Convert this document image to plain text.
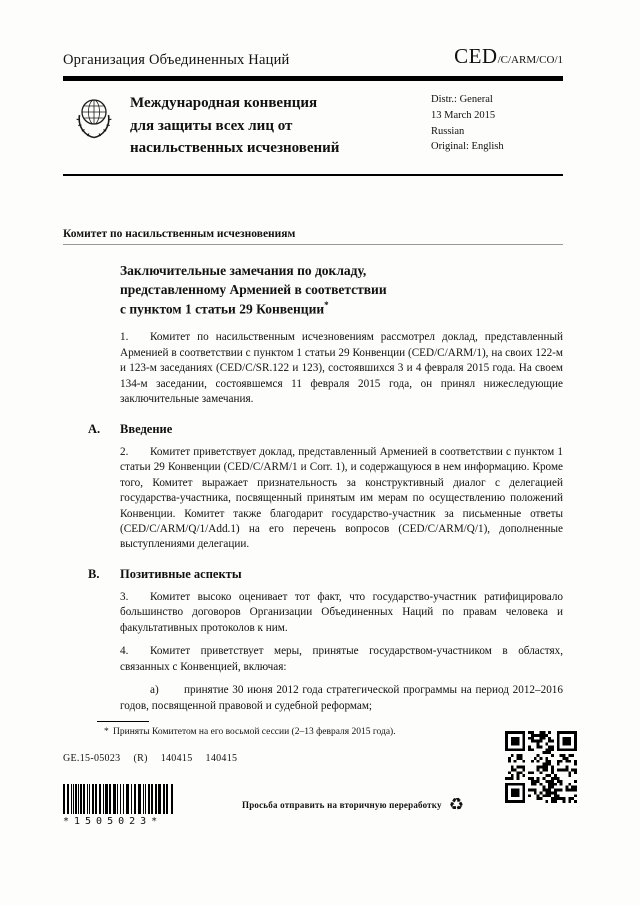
Организация Объединенных Наций	CED/C/ARM/CO/1
Международная конвенция
для защиты всех лиц от
насильственных исчезновений
Distr.: General
13 March 2015
Russian
Original: English
Комитет по насильственным исчезновениям
Заключительные замечания по докладу,
представленному Арменией в соответствии
с пунктом 1 статьи 29 Конвенции*

1. Комитет по насильственным исчезновениям рассмотрел доклад, представленный Арменией в соответствии с пунктом 1 статьи 29 Конвенции (CED/C/ARM/1), на своих 122-м и 123-м заседаниях (CED/C/SR.122 и 123), состоявшихся 3 и 4 февраля 2015 года. На своем 134-м заседании, состоявшемся 11 февраля 2015 года, он принял нижеследующие заключительные замечания.

A. Введение

2. Комитет приветствует доклад, представленный Арменией в соответствии с пунктом 1 статьи 29 Конвенции (CED/C/ARM/1 и Corr. 1), и содержащуюся в нем информацию. Кроме того, Комитет выражает признательность за конструктивный диалог с делегацией государства-участника, посвященный принятым им мерам по осуществлению положений Конвенции. Комитет также благодарит государство-участник за письменные ответы (CED/C/ARM/Q/1/Add.1) на его перечень вопросов (CED/C/ARM/Q/1), дополненные выступлениями делегации.

B. Позитивные аспекты

3. Комитет высоко оценивает тот факт, что государство-участник ратифицировало большинство договоров Организации Объединенных Наций по правам человека и факультативных протоколов к ним.

4. Комитет приветствует меры, принятые государством-участником в областях, связанных с Конвенцией, включая:

а) принятие 30 июня 2012 года стратегической программы на период 2012–2016 годов, посвященной правовой и судебной реформам;

* Приняты Комитетом на его восьмой сессии (2–13 февраля 2015 года).
GE.15-05023 (R) 140415 140415
*1505023*
Просьба отправить на вторичную переработку ♻
